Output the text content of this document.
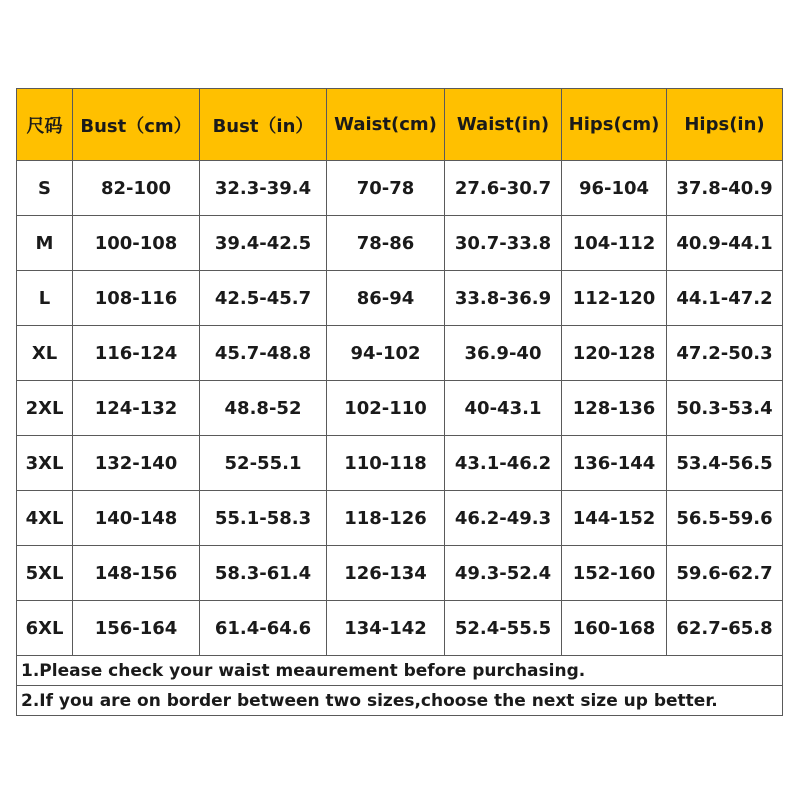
尺码	Bust（cm）	Bust（in）	Waist(cm)	Waist(in)	Hips(cm)	Hips(in)
S	82-100	32.3-39.4	70-78	27.6-30.7	96-104	37.8-40.9
M	100-108	39.4-42.5	78-86	30.7-33.8	104-112	40.9-44.1
L	108-116	42.5-45.7	86-94	33.8-36.9	112-120	44.1-47.2
XL	116-124	45.7-48.8	94-102	36.9-40	120-128	47.2-50.3
2XL	124-132	48.8-52	102-110	40-43.1	128-136	50.3-53.4
3XL	132-140	52-55.1	110-118	43.1-46.2	136-144	53.4-56.5
4XL	140-148	55.1-58.3	118-126	46.2-49.3	144-152	56.5-59.6
5XL	148-156	58.3-61.4	126-134	49.3-52.4	152-160	59.6-62.7
6XL	156-164	61.4-64.6	134-142	52.4-55.5	160-168	62.7-65.8
1.Please check your waist meaurement before purchasing.						
2.If you are on border between two sizes,choose the next size up better.						
